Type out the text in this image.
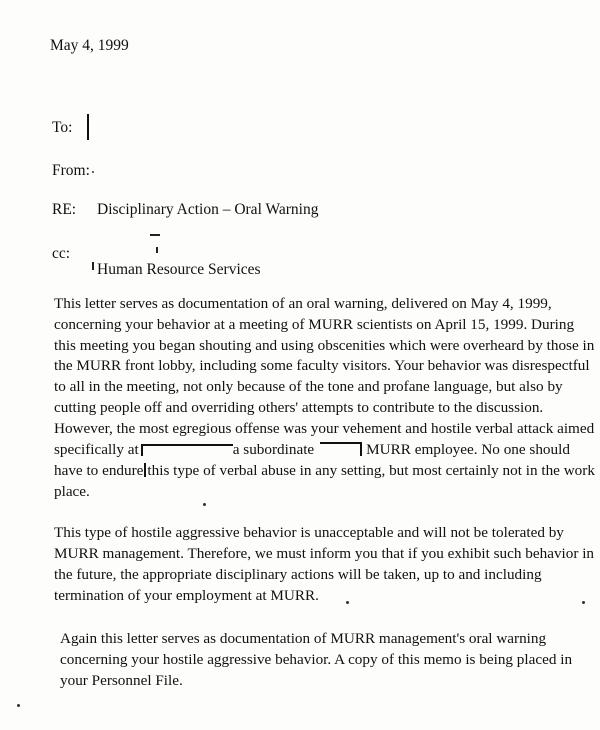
May 4, 1999

To:

From:

RE: Disciplinary Action – Oral Warning

cc:

Human Resource Services

This letter serves as documentation of an oral warning, delivered on May 4, 1999,

concerning your behavior at a meeting of MURR scientists on April 15, 1999. During

this meeting you began shouting and using obscenities which were overheard by those in

the MURR front lobby, including some faculty visitors. Your behavior was disrespectful

to all in the meeting, not only because of the tone and profane language, but also by

cutting people off and overriding others' attempts to contribute to the discussion.

However, the most egregious offense was your vehement and hostile verbal attack aimed

specifically at	a subordinate	MURR employee. No one should

have to endure this type of verbal abuse in any setting, but most certainly not in the work

place.

This type of hostile aggressive behavior is unacceptable and will not be tolerated by

MURR management. Therefore, we must inform you that if you exhibit such behavior in

the future, the appropriate disciplinary actions will be taken, up to and including

termination of your employment at MURR.

Again this letter serves as documentation of MURR management's oral warning

concerning your hostile aggressive behavior. A copy of this memo is being placed in

your Personnel File.
